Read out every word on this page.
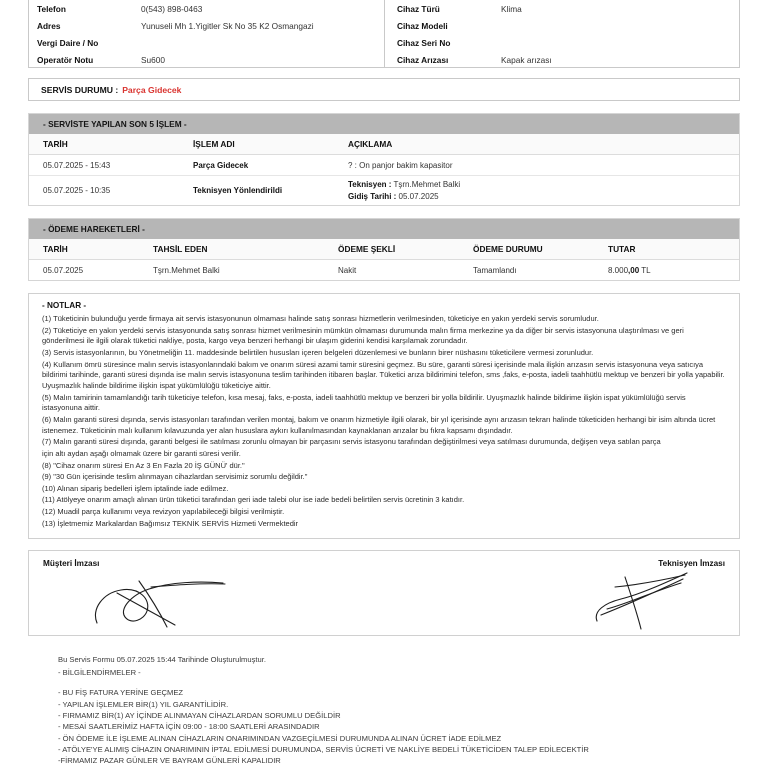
Telefon	0(543) 898-0463
Adres	Yunuseli Mh 1.Yigitler Sk No 35 K2 Osmangazi
Vergi Daire / No
Operatör Notu	Su600
Cihaz Türü	Klima
Cihaz Modeli
Cihaz Seri No
Cihaz Arızası	Kapak arızası
SERVİS DURUMU : Parça Gidecek
- SERVİSTE YAPILAN SON 5 İŞLEM -
TARİH	İŞLEM ADI	AÇIKLAMA
05.07.2025 - 15:43	Parça Gidecek	? : On panjor bakim kapasitor
05.07.2025 - 10:35	Teknisyen Yönlendirildi
Teknisyen : Tşrn.Mehmet Balki
Gidiş Tarihi : 05.07.2025
- ÖDEME HAREKETLERİ -
TARİH	TAHSİL EDEN	ÖDEME ŞEKLİ	ÖDEME DURUMU	TUTAR
05.07.2025	Tşrn.Mehmet Balki	Nakit	Tamamlandı	8.000,00 TL
- NOTLAR -

(1) Tüketicinin bulunduğu yerde firmaya ait servis istasyonunun olmaması halinde satış sonrası hizmetlerin verilmesinden, tüketiciye en yakın yerdeki servis sorumludur.

(2) Tüketiciye en yakın yerdeki servis istasyonunda satış sonrası hizmet verilmesinin mümkün olmaması durumunda malın firma merkezine ya da diğer bir servis istasyonuna ulaştırılması ve geri gönderilmesi ile ilgili olarak tüketici nakliye, posta, kargo veya benzeri herhangi bir ulaşım giderini kendisi karşılamak zorundadır.

(3) Servis istasyonlarının, bu Yönetmeliğin 11. maddesinde belirtilen hususları içeren belgeleri düzenlemesi ve bunların birer nüshasını tüketicilere vermesi zorunludur.

(4) Kullanım ömrü süresince malın servis istasyonlarındaki bakım ve onarım süresi azami tamir süresini geçmez. Bu süre, garanti süresi içerisinde mala ilişkin arızasın servis istasyonuna veya satıcıya bildirimi tarihinde, garanti süresi dışında ise malın servis istasyonuna teslim tarihinden itibaren başlar. Tüketici arıza bildirimini telefon, sms ,faks, e-posta, iadeli taahhütlü mektup ve benzeri bir yolla yapabilir. Uyuşmazlık halinde bildirime ilişkin ispat yükümlülüğü tüketiciye aittir.

(5) Malın tamirinin tamamlandığı tarih tüketiciye telefon, kısa mesaj, faks, e-posta, iadeli taahhütlü mektup ve benzeri bir yolla bildirilir. Uyuşmazlık halinde bildirime ilişkin ispat yükümlülüğü servis istasyonuna aittir.

(6) Malın garanti süresi dışında, servis istasyonları tarafından verilen montaj, bakım ve onarım hizmetiyle ilgili olarak, bir yıl içerisinde aynı arızasın tekrarı halinde tüketiciden herhangi bir isim altında ücret istenemez. Tüketicinin malı kullanım kılavuzunda yer alan hususlara aykırı kullanılmasından kaynaklanan arızalar bu fıkra kapsamı dışındadır.

(7) Malın garanti süresi dışında, garanti belgesi ile satılması zorunlu olmayan bir parçasını servis istasyonu tarafından değiştirilmesi veya satılması durumunda, değişen veya satılan parça

için altı aydan aşağı olmamak üzere bir garanti süresi verilir.

(8) "Cihaz onarım süresi En Az 3 En Fazla 20 İŞ GÜNÜ' dür."

(9) "30 Gün içerisinde teslim alınmayan cihazlardan servisimiz sorumlu değildir."

(10) Alınan sipariş bedelleri işlem iptalinde iade edilmez.

(11) Atölyeye onarım amaçlı alınan ürün tüketici tarafından geri iade talebi olur ise iade bedeli belirtilen servis ücretinin 3 katıdır.

(12) Muadil parça kullanımı veya revizyon yapılabileceği bilgisi verilmiştir.

(13) İşletmemiz Markalardan Bağımsız TEKNİK SERVİS Hizmeti Vermektedir

Müşteri İmzası	Teknisyen İmzası
Bu Servis Formu 05.07.2025 15:44 Tarihinde Oluşturulmuştur.
- BİLGİLENDİRMELER -
- BU FİŞ FATURA YERİNE GEÇMEZ
- YAPILAN İŞLEMLER BİR(1) YIL GARANTİLİDİR.
- FIRMAMIZ BİR(1) AY İÇİNDE ALINMAYAN CİHAZLARDAN SORUMLU DEĞİLDİR
- MESAİ SAATLERİMİZ HAFTA İÇİN 09:00 - 18:00 SAATLERİ ARASINDADIR
- ÖN ÖDEME İLE İŞLEME ALINAN CİHAZLARIN ONARIMINDAN VAZGEÇİLMESİ DURUMUNDA ALINAN ÜCRET İADE EDİLMEZ
- ATÖLYE'YE ALIMIŞ CİHAZIN ONARIMININ İPTAL EDİLMESİ DURUMUNDA, SERVİS ÜCRETİ VE NAKLİYE BEDELİ TÜKETİCİDEN TALEP EDİLECEKTİR
-FİRMAMIZ PAZAR GÜNLER VE BAYRAM GÜNLERİ KAPALIDIR
